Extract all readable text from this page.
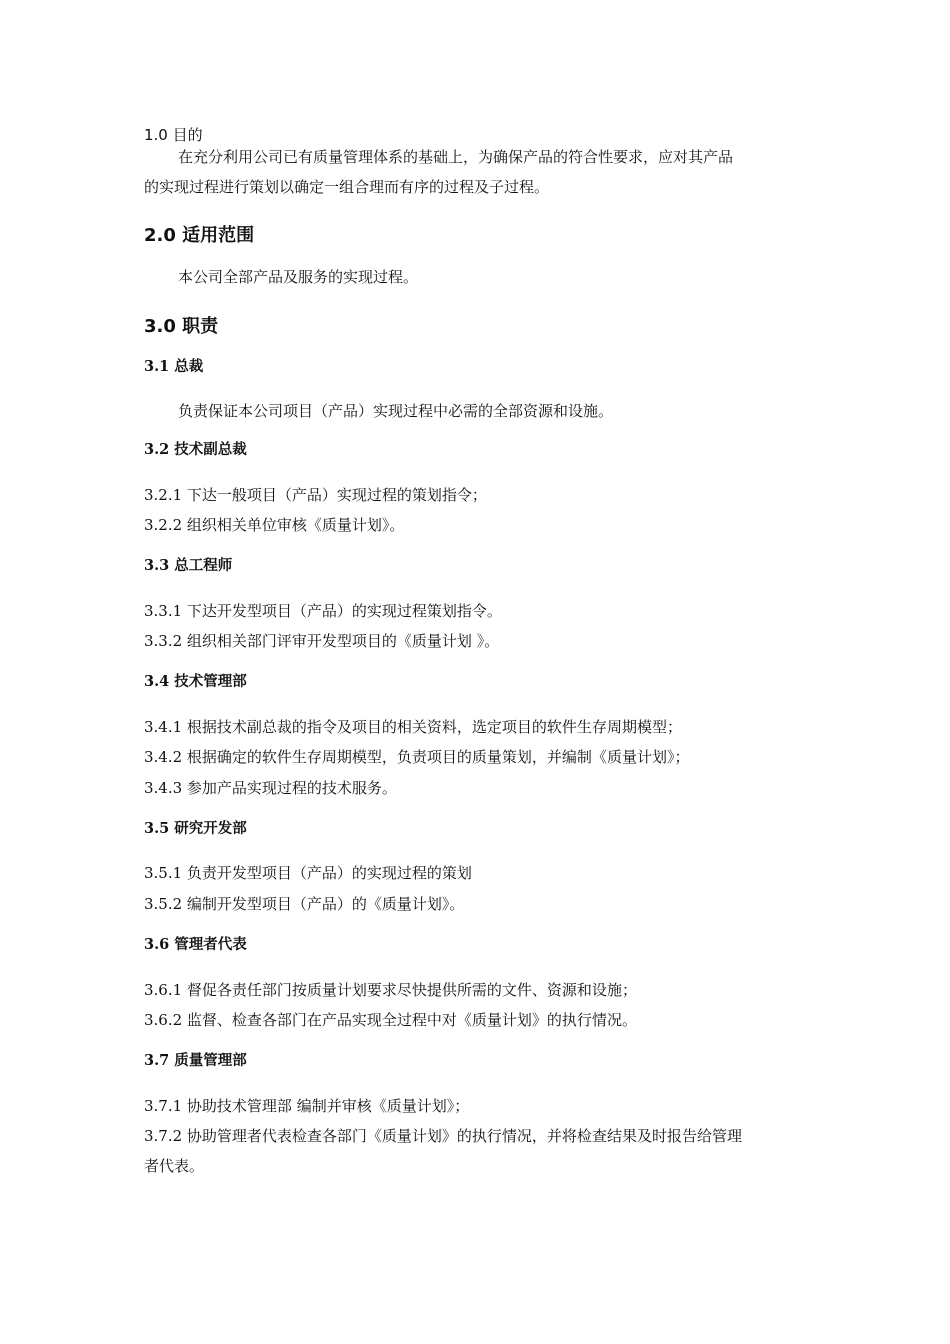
1.0 目的
在充分利用公司已有质量管理体系的基础上，为确保产品的符合性要求，应对其产品
的实现过程进行策划以确定一组合理而有序的过程及子过程。
2.0 适用范围
本公司全部产品及服务的实现过程。
3.0 职责
3.1 总裁
负责保证本公司项目（产品）实现过程中必需的全部资源和设施。
3.2 技术副总裁
3.2.1 下达一般项目（产品）实现过程的策划指令；
3.2.2 组织相关单位审核《质量计划》。
3.3 总工程师
3.3.1 下达开发型项目（产品）的实现过程策划指令。
3.3.2 组织相关部门评审开发型项目的《质量计划 》。
3.4 技术管理部
3.4.1 根据技术副总裁的指令及项目的相关资料，选定项目的软件生存周期模型；
3.4.2 根据确定的软件生存周期模型，负责项目的质量策划，并编制《质量计划》；
3.4.3 参加产品实现过程的技术服务。
3.5 研究开发部
3.5.1 负责开发型项目（产品）的实现过程的策划
3.5.2 编制开发型项目（产品）的《质量计划》。
3.6 管理者代表
3.6.1 督促各责任部门按质量计划要求尽快提供所需的文件、资源和设施；
3.6.2 监督、检查各部门在产品实现全过程中对《质量计划》的执行情况。
3.7 质量管理部
3.7.1 协助技术管理部 编制并审核《质量计划》；
3.7.2 协助管理者代表检查各部门《质量计划》的执行情况，并将检查结果及时报告给管理
者代表。
